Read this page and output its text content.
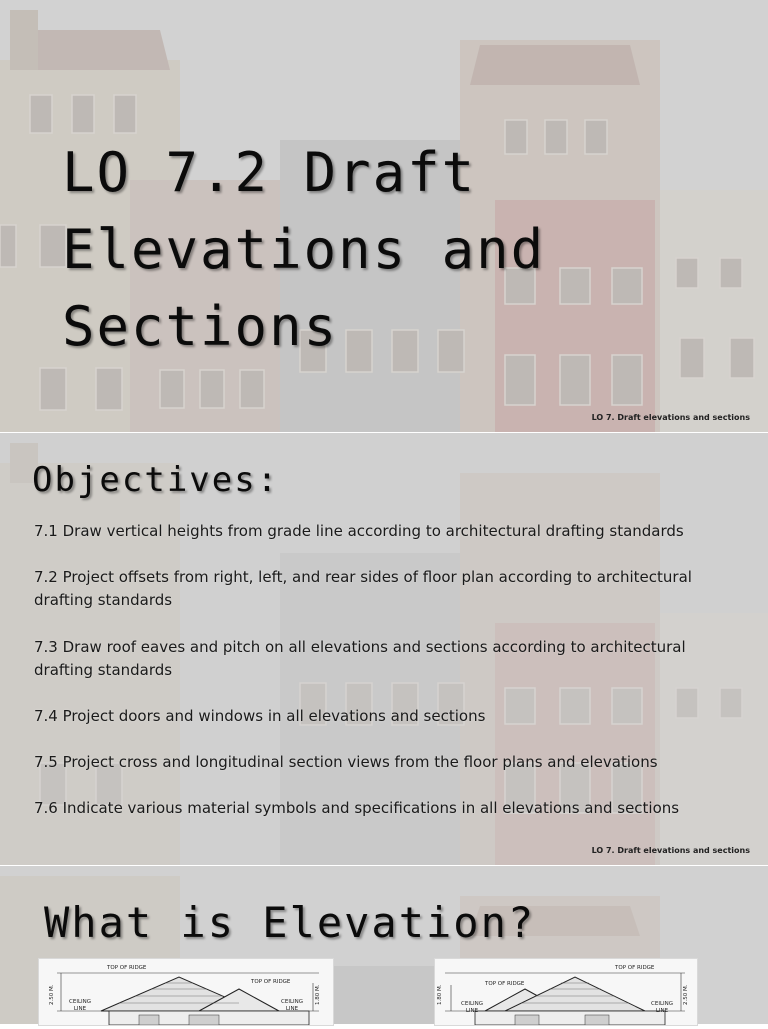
LO 7.2 Draft Elevations and Sections
LO 7. Draft elevations and sections
LO 7. Draft elevations and sections
Objectives:
7.1 Draw vertical heights from grade line according to architectural drafting standards
7.2 Project offsets from right, left, and rear sides of floor plan according to architectural drafting standards
7.3 Draw roof eaves and pitch on all elevations and sections according to architectural drafting standards
7.4 Project doors and windows in all elevations and sections
7.5 Project cross and longitudinal section views from the floor plans and elevations
7.6 Indicate various material symbols and specifications in all elevations and sections
What is Elevation?
TOP OF RIDGE
TOP OF RIDGE
CEILING LINE
CEILING LINE
2.50 M.	1.80 M.
TOP OF RIDGE
TOP OF RIDGE
CEILING LINE
CEILING LINE
1.80 M.	2.50 M.
